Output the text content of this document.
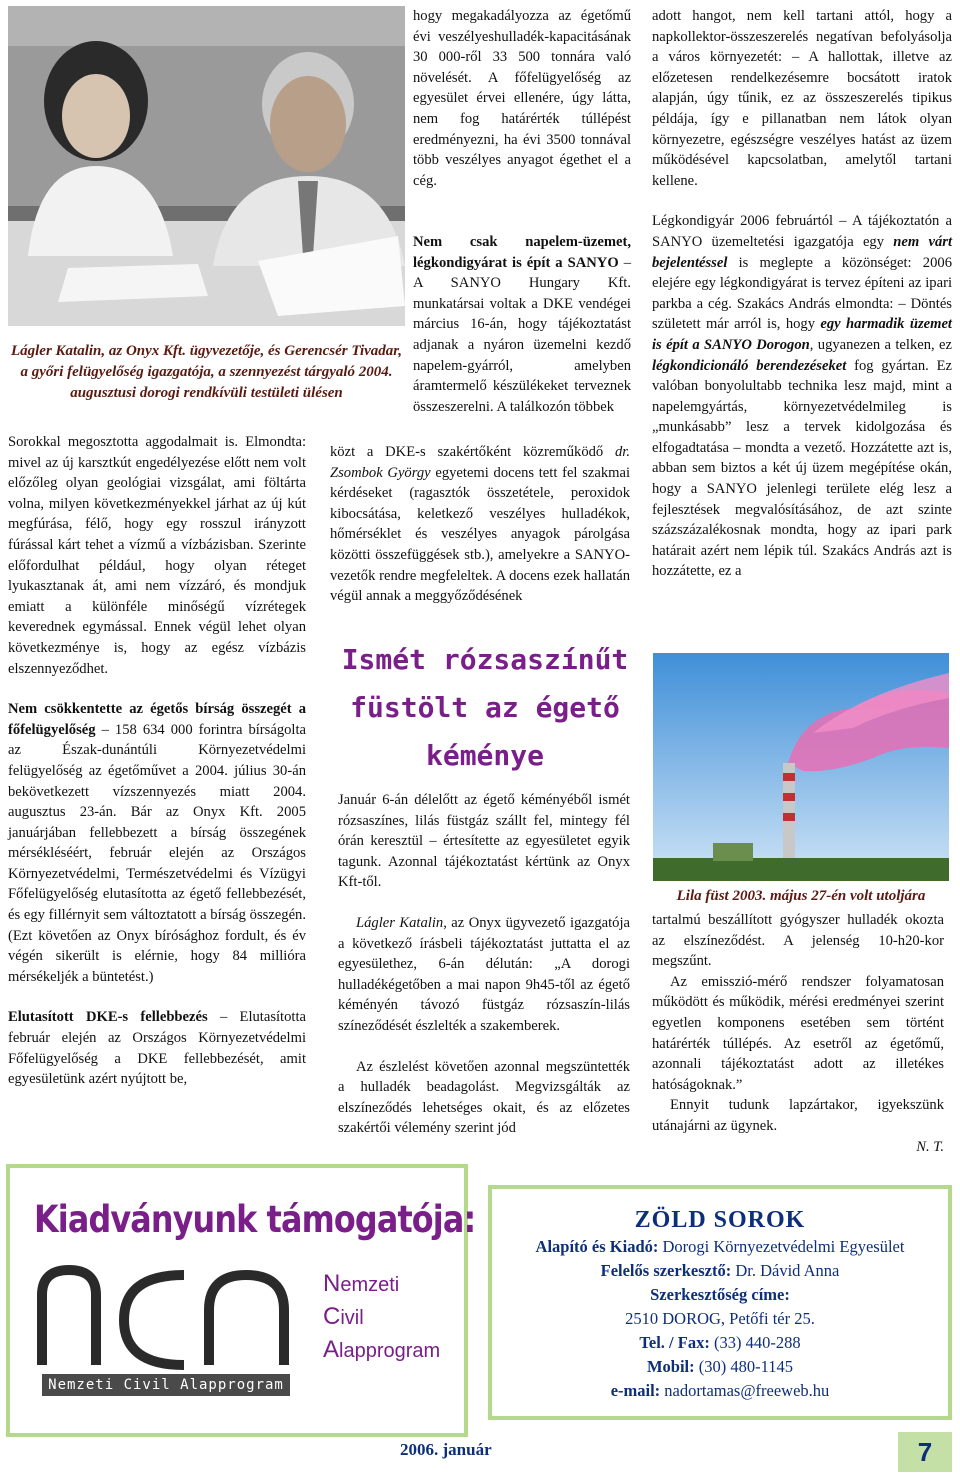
Lágler Katalin, az Onyx Kft. ügyvezetője, és Gerencsér Tivadar, a győri felügyelőség igazgatója, a szennyezést tárgyaló 2004. augusztusi dorogi rendkívüli testületi ülésen

Sorokkal megosztotta aggodalmait is. Elmondta: mivel az új karsztkút engedélyezése előtt nem volt előzőleg olyan geológiai vizsgálat, ami föltárta volna, milyen következményekkel járhat az új kút megfúrása, félő, hogy egy rosszul irányzott fúrással kárt tehet a vízmű a vízbázisban. Szerinte előfordulhat például, hogy olyan réteget lyukasztanak át, ami nem vízzáró, és mondjuk emiatt a különféle minőségű vízrétegek keverednek egymással. Ennek végül lehet olyan következménye is, hogy az egész vízbázis elszennyeződhet.

Nem csökkentette az égetős bírság összegét a főfelügyelőség – 158 634 000 forintra bírságolta az Észak-dunántúli Környezetvédelmi felügyelőség az égetőművet a 2004. július 30-án bekövetkezett vízszennyezés miatt 2004. augusztus 23-án. Bár az Onyx Kft. 2005 januárjában fellebbezett a bírság összegének mérsékléséért, február elején az Országos Környezetvédelmi, Természetvédelmi és Vízügyi Főfelügyelőség elutasította az égető fellebbezését, és egy fillérnyit sem változtatott a bírság összegén. (Ezt követően az Onyx bírósághoz fordult, és év végén sikerült is elérnie, hogy 84 millióra mérsékeljék a büntetést.)

Elutasított DKE-s fellebbezés – Elutasította február elején az Országos Környezetvédelmi Főfelügyelőség a DKE fellebbezését, amit egyesületünk azért nyújtott be,

hogy megakadályozza az égetőmű évi veszélyeshulladék-kapacitásának 30 000-ről 33 500 tonnára való növelését. A főfelügyelőség az egyesület érvei ellenére, úgy látta, nem fog határérték túllépést eredményezni, ha évi 3500 tonnával több veszélyes anyagot égethet el a cég.
Nem csak napelem-üzemet, légkondigyárat is épít a SANYO – A SANYO Hungary Kft. munkatársai voltak a DKE vendégei március 16-án, hogy tájékoztatást adjanak a nyáron üzemelni kezdő napelem-gyárról, amelyben áramtermelő készülékeket terveznek összeszerelni. A találkozón többek
közt a DKE-s szakértőként közreműködő dr. Zsombok György egyetemi docens tett fel szakmai kérdéseket (ragasztók összetétele, peroxidok kibocsátása, keletkező veszélyes hulladékok, hőmérséklet és veszélyes anyagok párolgása közötti összefüggések stb.), amelyekre a SANYO-vezetők rendre megfeleltek. A docens ezek hallatán végül annak a meggyőződésének
Ismét rózsaszínűt
füstölt az égető
kéménye

Január 6-án délelőtt az égető kéményéből ismét rózsaszínes, lilás füstgáz szállt fel, mintegy fél órán keresztül – értesítette az egyesületet egyik tagunk. Azonnal tájékoztatást kértünk az Onyx Kft-től.

Lágler Katalin, az Onyx ügyvezető igazgatója a következő írásbeli tájékoztatást juttatta el az egyesülethez, 6-án délután: „A dorogi hulladékégetőben a mai napon 9h45-től az égető kéményén távozó füstgáz rózsaszín-lilás színeződését észlelték a szakemberek.

Az észlelést követően azonnal megszüntették a hulladék beadagolást. Megvizsgálták az elszíneződés lehetséges okait, és az előzetes szakértői vélemény szerint jód

adott hangot, nem kell tartani attól, hogy a napkollektor-összeszerelés negatívan befolyásolja a város környezetét: – A hallottak, illetve az előzetesen rendelkezésemre bocsátott iratok alapján, úgy tűnik, ez az összeszerelés tipikus példája, így e pillanatban nem látok olyan környezetre, egészségre veszélyes hatást az üzem működésével kapcsolatban, amelytől tartani kellene.

Légkondigyár 2006 februártól – A tájékoztatón a SANYO üzemeltetési igazgatója egy nem várt bejelentéssel is meglepte a közönséget: 2006 elejére egy légkondigyárat is tervez építeni az ipari parkba a cég. Szakács András elmondta: – Döntés született már arról is, hogy egy harmadik üzemet is épít a SANYO Dorogon, ugyanezen a telken, ez légkondicionáló berendezéseket fog gyártan. Ez valóban bonyolultabb technika lesz majd, mint a napelemgyártás, környezetvédelmileg is „munkásabb” lesz a tervek kidolgozása és elfogadtatása – mondta a vezető. Hozzátette azt is, abban sem biztos a két új üzem megépítése okán, hogy a SANYO jelenlegi területe elég lesz a fejlesztések megvalósításához, de azt szinte százszázalékosnak mondta, hogy az ipari park határait azért nem lépik túl. Szakács András azt is hozzátette, ez a

Lila füst 2003. május 27-én volt utoljára

tartalmú beszállított gyógyszer hulladék okozta az elszíneződést. A jelenség 10-h20-kor megszűnt.

Az emisszió-mérő rendszer folyamatosan működött és működik, mérési eredményei szerint egyetlen komponens esetében sem történt határérték túllépés. Az esetről az égetőmű, azonnali tájékoztatást adott az illetékes hatóságoknak.”

Ennyit tudunk lapzártakor, igyekszünk utánajárni az ügynek.

N. T.

Kiadványunk támogatója:
Nemzeti Civil Alapprogram
Nemzeti
Civil
Alapprogram
ZÖLD SOROK
Alapító és Kiadó: Dorogi Környezetvédelmi Egyesület
Felelős szerkesztő: Dr. Dávid Anna
Szerkesztőség címe:
2510 DOROG, Petőfi tér 25.
Tel. / Fax: (33) 440-288
Mobil: (30) 480-1145
e-mail: nadortamas@freeweb.hu
2006. január	7
